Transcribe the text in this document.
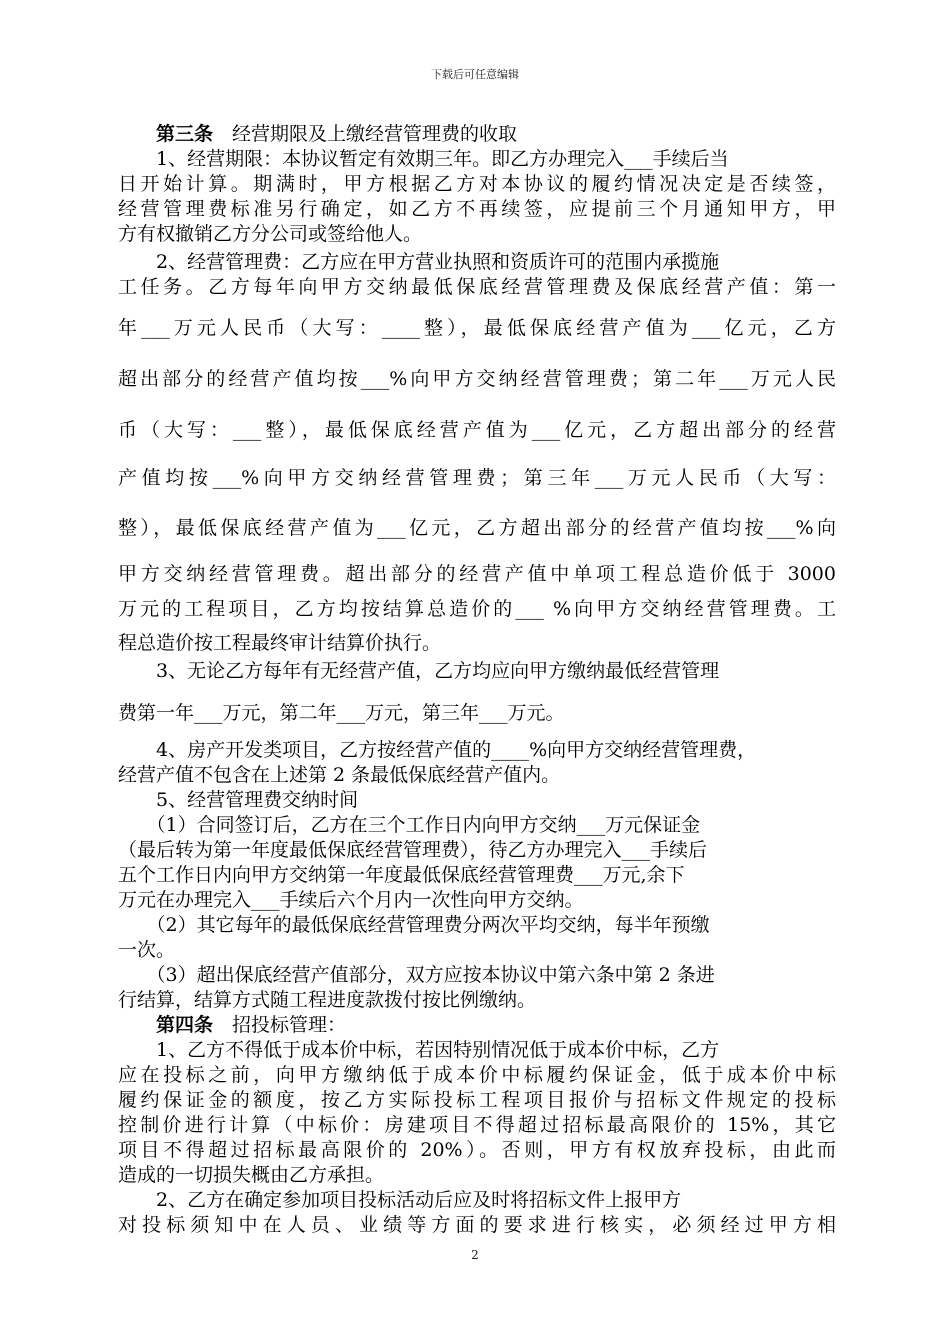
下载后可任意编辑
　　第三条　经营期限及上缴经营管理费的收取
　　1、经营期限：本协议暂定有效期三年。即乙方办理完入___手续后当
日开始计算。期满时，甲方根据乙方对本协议的履约情况决定是否续签，
经营管理费标准另行确定，如乙方不再续签，应提前三个月通知甲方，甲
方有权撤销乙方分公司或签给他人。
　　2、经营管理费：乙方应在甲方营业执照和资质许可的范围内承揽施
工任务。乙方每年向甲方交纳最低保底经营管理费及保底经营产值：第一
年___万元人民币（大写：____整），最低保底经营产值为___亿元，乙方
超出部分的经营产值均按___%向甲方交纳经营管理费；第二年___万元人民
币（大写：___整），最低保底经营产值为___亿元，乙方超出部分的经营
产值均按___%向甲方交纳经营管理费；第三年___万元人民币（大写：
整），最低保底经营产值为___亿元，乙方超出部分的经营产值均按___%向
甲方交纳经营管理费。超出部分的经营产值中单项工程总造价低于 3000
万元的工程项目，乙方均按结算总造价的___ %向甲方交纳经营管理费。工
程总造价按工程最终审计结算价执行。
　　3、无论乙方每年有无经营产值，乙方均应向甲方缴纳最低经营管理
费第一年___万元，第二年___万元，第三年___万元。
　　4、房产开发类项目，乙方按经营产值的____%向甲方交纳经营管理费，
经营产值不包含在上述第 2 条最低保底经营产值内。
　　5、经营管理费交纳时间
　　（1）合同签订后，乙方在三个工作日内向甲方交纳___万元保证金
（最后转为第一年度最低保底经营管理费），待乙方办理完入___手续后
五个工作日内向甲方交纳第一年度最低保底经营管理费___万元,余下
万元在办理完入___手续后六个月内一次性向甲方交纳。
　　（2）其它每年的最低保底经营管理费分两次平均交纳，每半年预缴
一次。
　　（3）超出保底经营产值部分，双方应按本协议中第六条中第 2 条进
行结算，结算方式随工程进度款拨付按比例缴纳。
　　第四条　招投标管理：
　　1、乙方不得低于成本价中标，若因特别情况低于成本价中标，乙方
应在投标之前，向甲方缴纳低于成本价中标履约保证金，低于成本价中标
履约保证金的额度，按乙方实际投标工程项目报价与招标文件规定的投标
控制价进行计算（中标价：房建项目不得超过招标最高限价的 15%，其它
项目不得超过招标最高限价的 20%）。否则，甲方有权放弃投标，由此而
造成的一切损失概由乙方承担。
　　2、乙方在确定参加项目投标活动后应及时将招标文件上报甲方
对投标须知中在人员、业绩等方面的要求进行核实，必须经过甲方相
2
